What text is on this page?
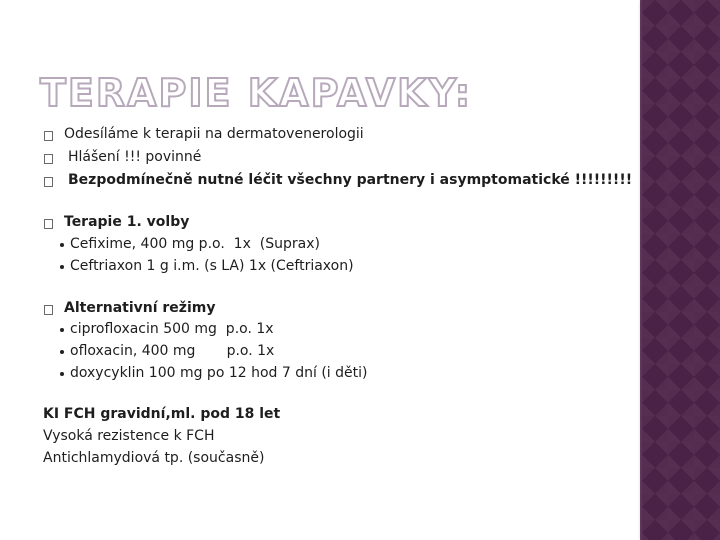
TERAPIE KAPAVKY:
Odesíláme k terapii na dermatovenerologii
Hlášení !!! povinné
Bezpodmínečně nutné léčit všechny partnery i asymptomatické !!!!!!!!!
Terapie 1. volby
Cefixime, 400 mg p.o.  1x  (Suprax)
Ceftriaxon 1 g i.m. (s LA) 1x (Ceftriaxon)
Alternativní režimy
ciprofloxacin 500 mg  p.o. 1x
ofloxacin, 400 mg       p.o. 1x
doxycyklin 100 mg po 12 hod 7 dní (i děti)
KI FCH gravidní,ml. pod 18 let
Vysoká rezistence k FCH
Antichlamydiová tp. (současně)
